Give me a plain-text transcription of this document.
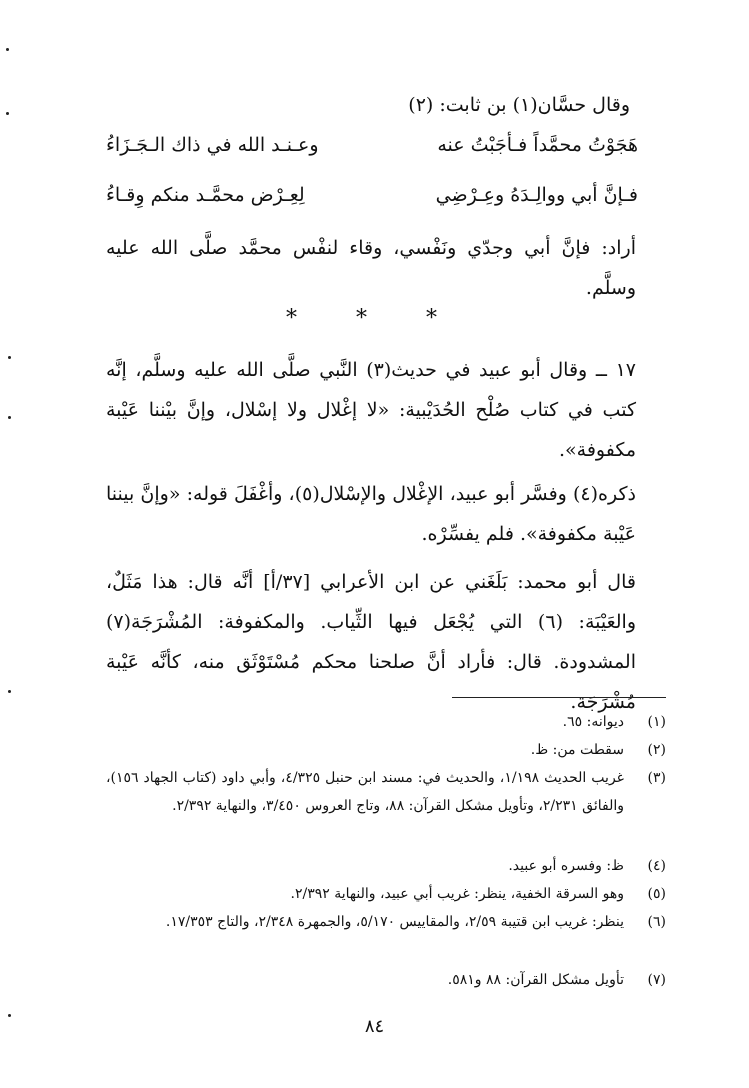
وقال حسَّان(١) بن ثابت: (٢)
هَجَوْتُ محمَّداً فـأجَبْتُ عنه
وعـنـد الله في ذاك الـجَـزَاءُ
فـإنَّ أبي ووالِـدَهُ وعِـرْضِي
لِعِـرْض محمَّـد منكم وِقـاءُ
أراد: فإنَّ أبي وجدّي ونَفْسي، وقاء لنفْس محمَّد صلَّى الله عليه وسلَّم.
* * *
١٧ ــ وقال أبو عبيد في حديث(٣) النَّبي صلَّى الله عليه وسلَّم، إنَّه كتب في كتاب صُلْح الحُدَيْبية: «لا إغْلال ولا إسْلال، وإنَّ بيْننا عَيْبة مكفوفة».
ذكره(٤) وفسَّر أبو عبيد، الإغْلال والإسْلال(٥)، وأغْفَلَ قوله: «وإنَّ بيننا عَيْبة مكفوفة». فلم يفسِّرْه.
قال أبو محمد: بَلَغَني عن ابن الأعرابي [٣٧/أ] أنَّه قال: هذا مَثَلٌ، والعَيْبَة: (٦) التي يُجْعَل فيها الثِّياب. والمكفوفة: المُشْرَجَة(٧) المشدودة. قال: فأراد أنَّ صلحنا محكم مُسْتَوْثَق منه، كأنَّه عَيْبة مُشْرَجَة.
(١)
ديوانه: ٦٥.
(٢)
سقطت من: ظ.
(٣)
غريب الحديث ١/١٩٨، والحديث في: مسند ابن حنبل ٤/٣٢٥، وأبي داود (كتاب الجهاد ١٥٦)، والفائق ٢/٢٣١، وتأويل مشكل القرآن: ٨٨، وتاج العروس ٣/٤٥٠، والنهاية ٢/٣٩٢.
(٤)
ظ: وفسره أبو عبيد.
(٥)
وهو السرقة الخفية، ينظر: غريب أبي عبيد، والنهاية ٢/٣٩٢.
(٦)
ينظر: غريب ابن قتيبة ٢/٥٩، والمقاييس ٥/١٧٠، والجمهرة ٢/٣٤٨، والتاج ١٧/٣٥٣.
(٧)
تأويل مشكل القرآن: ٨٨ و٥٨١.
٨٤
